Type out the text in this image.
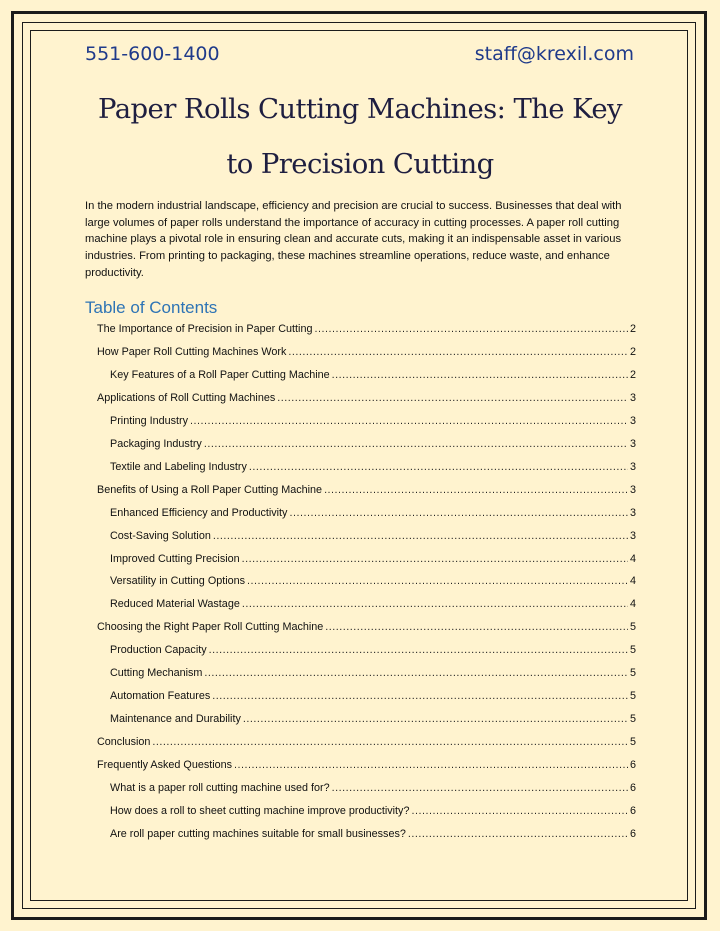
551-600-1400	staff@krexil.com
Paper Rolls Cutting Machines: The Key
to Precision Cutting
In the modern industrial landscape, efficiency and precision are crucial to success. Businesses that deal with large volumes of paper rolls understand the importance of accuracy in cutting processes. A paper roll cutting machine plays a pivotal role in ensuring clean and accurate cuts, making it an indispensable asset in various industries. From printing to packaging, these machines streamline operations, reduce waste, and enhance productivity.
Table of Contents
The Importance of Precision in Paper Cutting .....	2
How Paper Roll Cutting Machines Work .....	2
Key Features of a Roll Paper Cutting Machine .....	2
Applications of Roll Cutting Machines .....	3
Printing Industry .....	3
Packaging Industry .....	3
Textile and Labeling Industry .....	3
Benefits of Using a Roll Paper Cutting Machine .....	3
Enhanced Efficiency and Productivity .....	3
Cost-Saving Solution .....	3
Improved Cutting Precision .....	4
Versatility in Cutting Options .....	4
Reduced Material Wastage .....	4
Choosing the Right Paper Roll Cutting Machine .....	5
Production Capacity .....	5
Cutting Mechanism .....	5
Automation Features .....	5
Maintenance and Durability .....	5
Conclusion .....	5
Frequently Asked Questions .....	6
What is a paper roll cutting machine used for? .....	6
How does a roll to sheet cutting machine improve productivity? .....	6
Are roll paper cutting machines suitable for small businesses? .....	6
